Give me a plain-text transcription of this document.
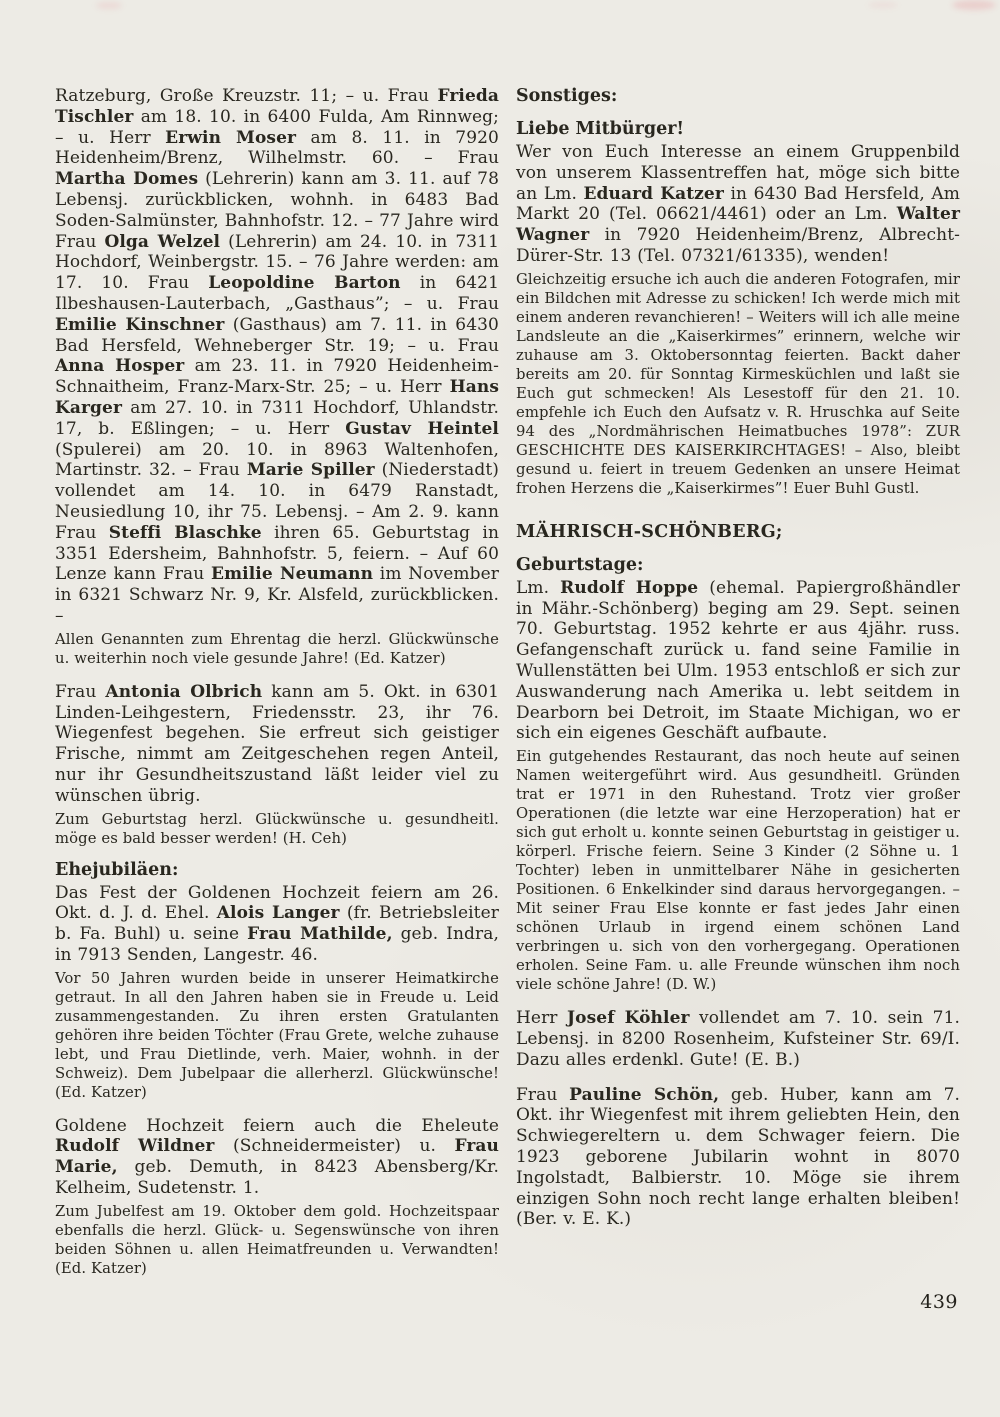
Ratzeburg, Große Kreuzstr. 11; – u. Frau Frieda Tischler am 18. 10. in 6400 Fulda, Am Rinnweg; – u. Herr Erwin Moser am 8. 11. in 7920 Heidenheim/Brenz, Wilhelmstr. 60. – Frau Martha Domes (Lehrerin) kann am 3. 11. auf 78 Lebensj. zurückblicken, wohnh. in 6483 Bad Soden-Salmünster, Bahnhofstr. 12. – 77 Jahre wird Frau Olga Welzel (Lehrerin) am 24. 10. in 7311 Hochdorf, Weinbergstr. 15. – 76 Jahre werden: am 17. 10. Frau Leopoldine Barton in 6421 Ilbeshausen-Lauterbach, „Gasthaus”; – u. Frau Emilie Kinschner (Gasthaus) am 7. 11. in 6430 Bad Hersfeld, Wehneberger Str. 19; – u. Frau Anna Hosper am 23. 11. in 7920 Heidenheim-Schnaitheim, Franz-Marx-Str. 25; – u. Herr Hans Karger am 27. 10. in 7311 Hochdorf, Uhlandstr. 17, b. Eßlingen; – u. Herr Gustav Heintel (Spulerei) am 20. 10. in 8963 Waltenhofen, Martinstr. 32. – Frau Marie Spiller (Niederstadt) vollendet am 14. 10. in 6479 Ranstadt, Neusiedlung 10, ihr 75. Lebensj. – Am 2. 9. kann Frau Steffi Blaschke ihren 65. Geburtstag in 3351 Edersheim, Bahnhofstr. 5, feiern. – Auf 60 Lenze kann Frau Emilie Neumann im November in 6321 Schwarz Nr. 9, Kr. Alsfeld, zurückblicken. –

Allen Genannten zum Ehrentag die herzl. Glückwünsche u. weiterhin noch viele gesunde Jahre! (Ed. Katzer)

Frau Antonia Olbrich kann am 5. Okt. in 6301 Linden-Leihgestern, Friedensstr. 23, ihr 76. Wiegenfest begehen. Sie erfreut sich geistiger Frische, nimmt am Zeitgeschehen regen Anteil, nur ihr Gesundheitszustand läßt leider viel zu wünschen übrig.

Zum Geburtstag herzl. Glückwünsche u. gesundheitl. möge es bald besser werden! (H. Ceh)

Ehejubiläen:

Das Fest der Goldenen Hochzeit feiern am 26. Okt. d. J. d. Ehel. Alois Langer (fr. Betriebsleiter b. Fa. Buhl) u. seine Frau Mathilde, geb. Indra, in 7913 Senden, Langestr. 46.

Vor 50 Jahren wurden beide in unserer Heimatkirche getraut. In all den Jahren haben sie in Freude u. Leid zusammengestanden. Zu ihren ersten Gratulanten gehören ihre beiden Töchter (Frau Grete, welche zuhause lebt, und Frau Dietlinde, verh. Maier, wohnh. in der Schweiz). Dem Jubelpaar die allerherzl. Glückwünsche! (Ed. Katzer)

Goldene Hochzeit feiern auch die Eheleute Rudolf Wildner (Schneidermeister) u. Frau Marie, geb. Demuth, in 8423 Abensberg/Kr. Kelheim, Sudetenstr. 1.

Zum Jubelfest am 19. Oktober dem gold. Hochzeitspaar ebenfalls die herzl. Glück- u. Segenswünsche von ihren beiden Söhnen u. allen Heimatfreunden u. Verwandten! (Ed. Katzer)

Sonstiges:
Liebe Mitbürger!

Wer von Euch Interesse an einem Gruppenbild von unserem Klassentreffen hat, möge sich bitte an Lm. Eduard Katzer in 6430 Bad Hersfeld, Am Markt 20 (Tel. 06621/4461) oder an Lm. Walter Wagner in 7920 Heidenheim/Brenz, Albrecht-Dürer-Str. 13 (Tel. 07321/61335), wenden!

Gleichzeitig ersuche ich auch die anderen Fotografen, mir ein Bildchen mit Adresse zu schicken! Ich werde mich mit einem anderen revanchieren! – Weiters will ich alle meine Landsleute an die „Kaiserkirmes” erinnern, welche wir zuhause am 3. Oktobersonntag feierten. Backt daher bereits am 20. für Sonntag Kirmesküchlen und laßt sie Euch gut schmecken! Als Lesestoff für den 21. 10. empfehle ich Euch den Aufsatz v. R. Hruschka auf Seite 94 des „Nordmährischen Heimatbuches 1978”: ZUR GESCHICHTE DES KAISERKIRCHTAGES! – Also, bleibt gesund u. feiert in treuem Gedenken an unsere Heimat frohen Herzens die „Kaiserkirmes”! Euer Buhl Gustl.

MÄHRISCH-SCHÖNBERG;
Geburtstage:

Lm. Rudolf Hoppe (ehemal. Papiergroßhändler in Mähr.-Schönberg) beging am 29. Sept. seinen 70. Geburtstag. 1952 kehrte er aus 4jähr. russ. Gefangenschaft zurück u. fand seine Familie in Wullenstätten bei Ulm. 1953 entschloß er sich zur Auswanderung nach Amerika u. lebt seitdem in Dearborn bei Detroit, im Staate Michigan, wo er sich ein eigenes Geschäft aufbaute.

Ein gutgehendes Restaurant, das noch heute auf seinen Namen weitergeführt wird. Aus gesundheitl. Gründen trat er 1971 in den Ruhestand. Trotz vier großer Operationen (die letzte war eine Herzoperation) hat er sich gut erholt u. konnte seinen Geburtstag in geistiger u. körperl. Frische feiern. Seine 3 Kinder (2 Söhne u. 1 Tochter) leben in unmittelbarer Nähe in gesicherten Positionen. 6 Enkelkinder sind daraus hervorgegangen. – Mit seiner Frau Else konnte er fast jedes Jahr einen schönen Urlaub in irgend einem schönen Land verbringen u. sich von den vorhergegang. Operationen erholen. Seine Fam. u. alle Freunde wünschen ihm noch viele schöne Jahre! (D. W.)

Herr Josef Köhler vollendet am 7. 10. sein 71. Lebensj. in 8200 Rosenheim, Kufsteiner Str. 69/I. Dazu alles erdenkl. Gute! (E. B.)

Frau Pauline Schön, geb. Huber, kann am 7. Okt. ihr Wiegenfest mit ihrem geliebten Hein, den Schwiegereltern u. dem Schwager feiern. Die 1923 geborene Jubilarin wohnt in 8070 Ingolstadt, Balbierstr. 10. Möge sie ihrem einzigen Sohn noch recht lange erhalten bleiben! (Ber. v. E. K.)

439
